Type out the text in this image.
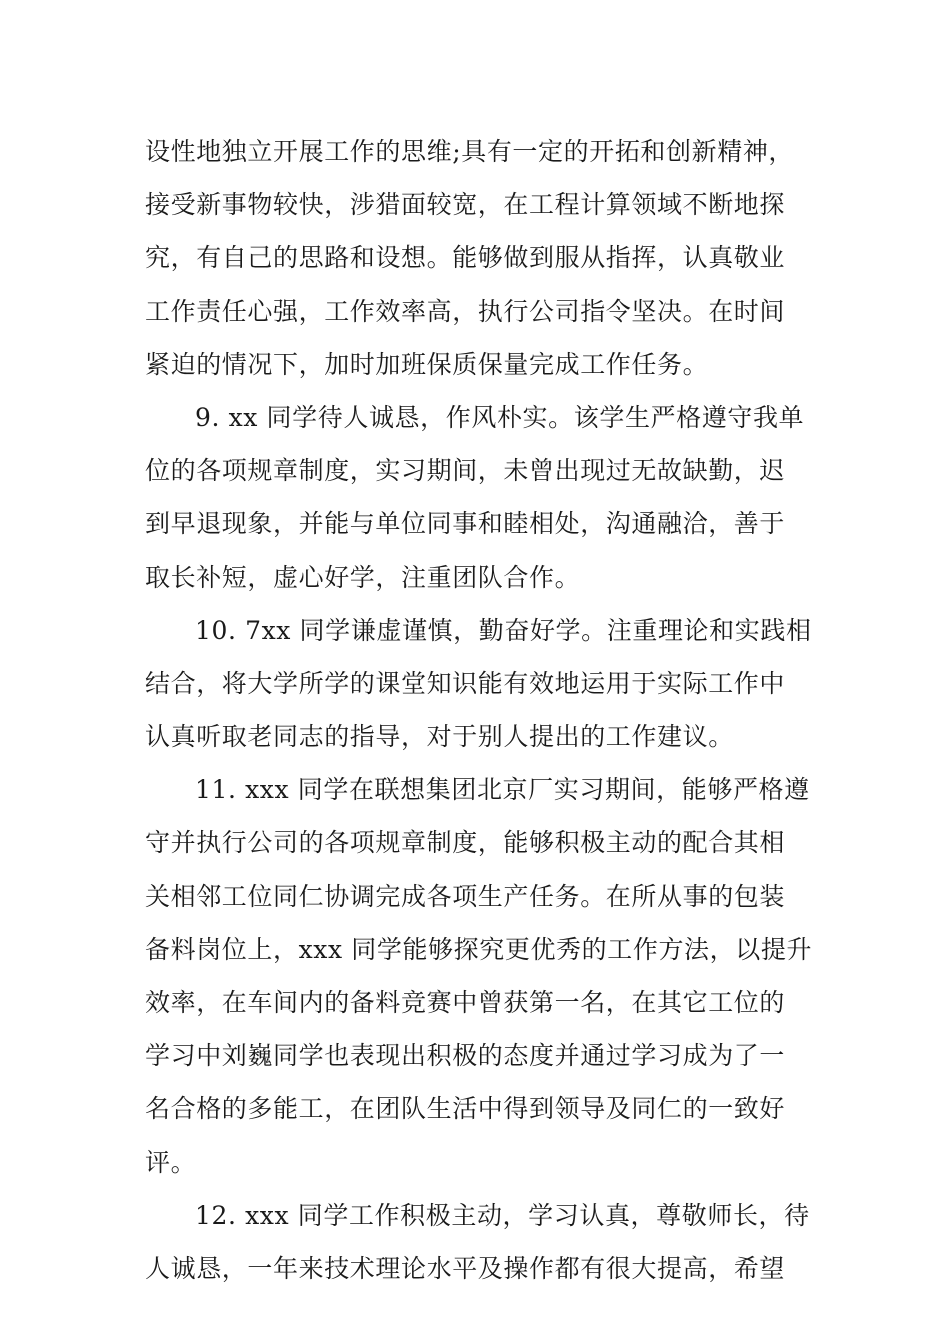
设性地独立开展工作的思维;具有一定的开拓和创新精神，
接受新事物较快，涉猎面较宽，在工程计算领域不断地探
究，有自己的思路和设想。能够做到服从指挥，认真敬业
工作责任心强，工作效率高，执行公司指令坚决。在时间
紧迫的情况下，加时加班保质保量完成工作任务。
9. xx 同学待人诚恳，作风朴实。该学生严格遵守我单
位的各项规章制度，实习期间，未曾出现过无故缺勤，迟
到早退现象，并能与单位同事和睦相处，沟通融洽，善于
取长补短，虚心好学，注重团队合作。
10. 7xx 同学谦虚谨慎，勤奋好学。注重理论和实践相
结合，将大学所学的课堂知识能有效地运用于实际工作中
认真听取老同志的指导，对于别人提出的工作建议。
11. xxx 同学在联想集团北京厂实习期间，能够严格遵
守并执行公司的各项规章制度，能够积极主动的配合其相
关相邻工位同仁协调完成各项生产任务。在所从事的包装
备料岗位上，xxx 同学能够探究更优秀的工作方法，以提升
效率，在车间内的备料竞赛中曾获第一名，在其它工位的
学习中刘巍同学也表现出积极的态度并通过学习成为了一
名合格的多能工，在团队生活中得到领导及同仁的一致好
评。
12. xxx 同学工作积极主动，学习认真，尊敬师长，待
人诚恳，一年来技术理论水平及操作都有很大提高，希望
